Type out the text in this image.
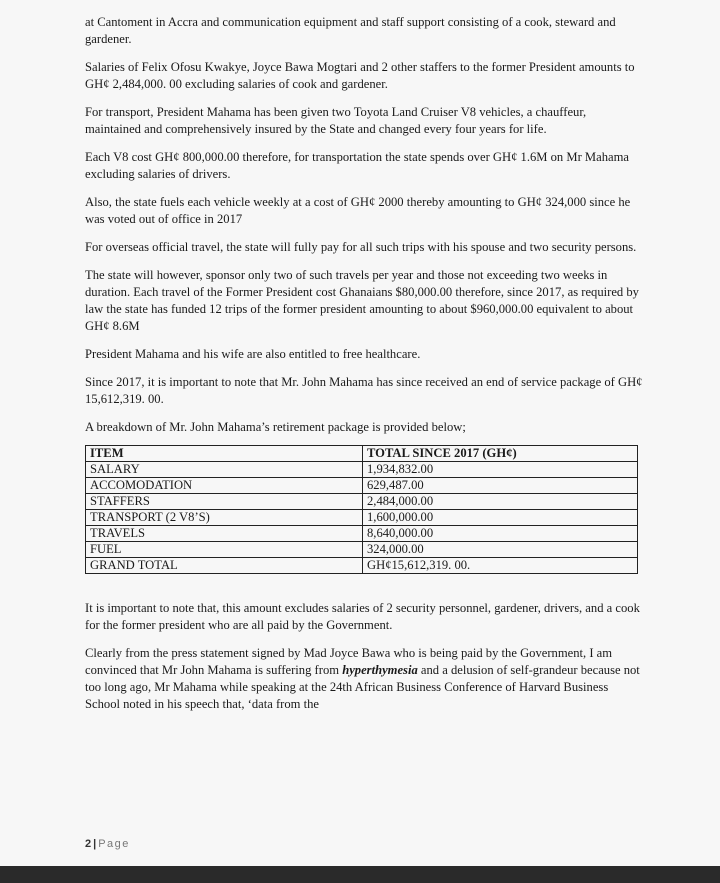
at Cantoment in Accra and communication equipment and staff support consisting of a cook, steward and gardener.

Salaries of Felix Ofosu Kwakye, Joyce Bawa Mogtari and 2 other staffers to the former President amounts to GH¢ 2,484,000. 00 excluding salaries of cook and gardener.

For transport, President Mahama has been given two Toyota Land Cruiser V8 vehicles, a chauffeur, maintained and comprehensively insured by the State and changed every four years for life.

Each V8 cost GH¢ 800,000.00 therefore, for transportation the state spends over GH¢ 1.6M on Mr Mahama excluding salaries of drivers.

Also, the state fuels each vehicle weekly at a cost of GH¢ 2000 thereby amounting to GH¢ 324,000 since he was voted out of office in 2017

For overseas official travel, the state will fully pay for all such trips with his spouse and two security persons.

The state will however, sponsor only two of such travels per year and those not exceeding two weeks in duration. Each travel of the Former President cost Ghanaians $80,000.00 therefore, since 2017, as required by law the state has funded 12 trips of the former president amounting to about $960,000.00 equivalent to about GH¢ 8.6M

President Mahama and his wife are also entitled to free healthcare.

Since 2017, it is important to note that Mr. John Mahama has since received an end of service package of GH¢ 15,612,319. 00.

A breakdown of Mr. John Mahama’s retirement package is provided below;

ITEM	TOTAL SINCE 2017 (GH¢)
SALARY	1,934,832.00
ACCOMODATION	629,487.00
STAFFERS	2,484,000.00
TRANSPORT (2 V8’S)	1,600,000.00
TRAVELS	8,640,000.00
FUEL	324,000.00
GRAND TOTAL	GH¢15,612,319. 00.

It is important to note that, this amount excludes salaries of 2 security personnel, gardener, drivers, and a cook for the former president who are all paid by the Government.

Clearly from the press statement signed by Mad Joyce Bawa who is being paid by the Government, I am convinced that Mr John Mahama is suffering from hyperthymesia and a delusion of self-grandeur because not too long ago, Mr Mahama while speaking at the 24th African Business Conference of Harvard Business School noted in his speech that, ‘data from the

2 | Page
